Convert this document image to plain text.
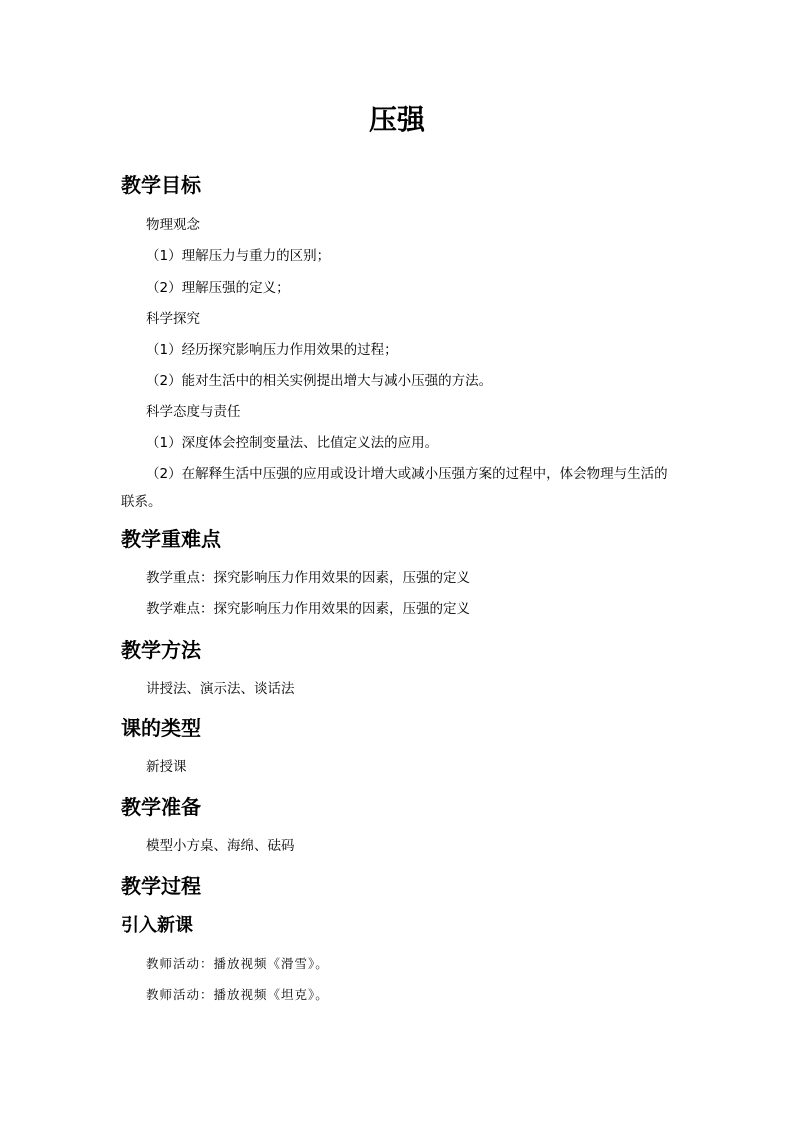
压强
教学目标
物理观念
（1）理解压力与重力的区别；
（2）理解压强的定义；
科学探究
（1）经历探究影响压力作用效果的过程；
（2）能对生活中的相关实例提出增大与减小压强的方法。
科学态度与责任
（1）深度体会控制变量法、比值定义法的应用。
（2）在解释生活中压强的应用或设计增大或减小压强方案的过程中，体会物理与生活的联系。
教学重难点
教学重点：探究影响压力作用效果的因素，压强的定义
教学难点：探究影响压力作用效果的因素，压强的定义
教学方法
讲授法、演示法、谈话法
课的类型
新授课
教学准备
模型小方桌、海绵、砝码
教学过程
引入新课
教师活动：播放视频《滑雪》。
教师活动：播放视频《坦克》。
